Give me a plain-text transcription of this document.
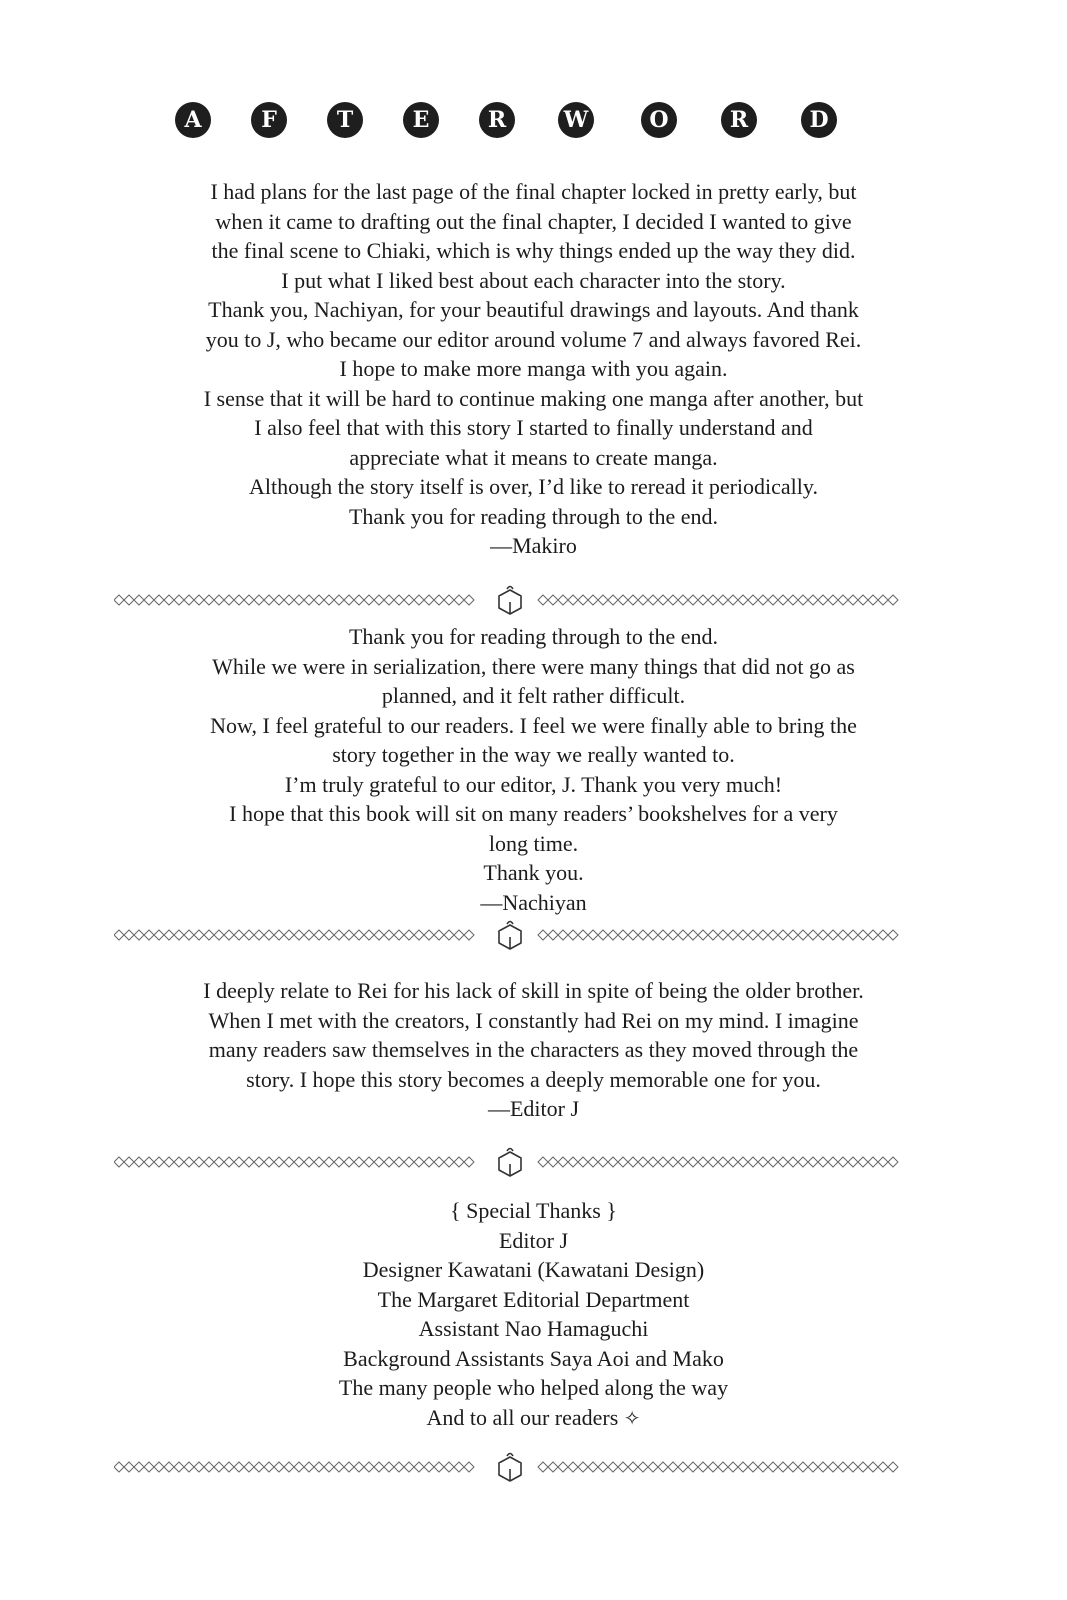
A	F	T	E	R	W	O	R	D
I had plans for the last page of the final chapter locked in pretty early, but
when it came to drafting out the final chapter, I decided I wanted to give
the final scene to Chiaki, which is why things ended up the way they did.
I put what I liked best about each character into the story.
Thank you, Nachiyan, for your beautiful drawings and layouts. And thank
you to J, who became our editor around volume 7 and always favored Rei.
I hope to make more manga with you again.
I sense that it will be hard to continue making one manga after another, but
I also feel that with this story I started to finally understand and
appreciate what it means to create manga.
Although the story itself is over, I’d like to reread it periodically.
Thank you for reading through to the end.
—Makiro
Thank you for reading through to the end.
While we were in serialization, there were many things that did not go as
planned, and it felt rather difficult.
Now, I feel grateful to our readers. I feel we were finally able to bring the
story together in the way we really wanted to.
I’m truly grateful to our editor, J. Thank you very much!
I hope that this book will sit on many readers’ bookshelves for a very
long time.
Thank you.
—Nachiyan
I deeply relate to Rei for his lack of skill in spite of being the older brother.
When I met with the creators, I constantly had Rei on my mind. I imagine
many readers saw themselves in the characters as they moved through the
story. I hope this story becomes a deeply memorable one for you.
—Editor J
{ Special Thanks }
Editor J
Designer Kawatani (Kawatani Design)
The Margaret Editorial Department
Assistant Nao Hamaguchi
Background Assistants Saya Aoi and Mako
The many people who helped along the way
And to all our readers ✧
